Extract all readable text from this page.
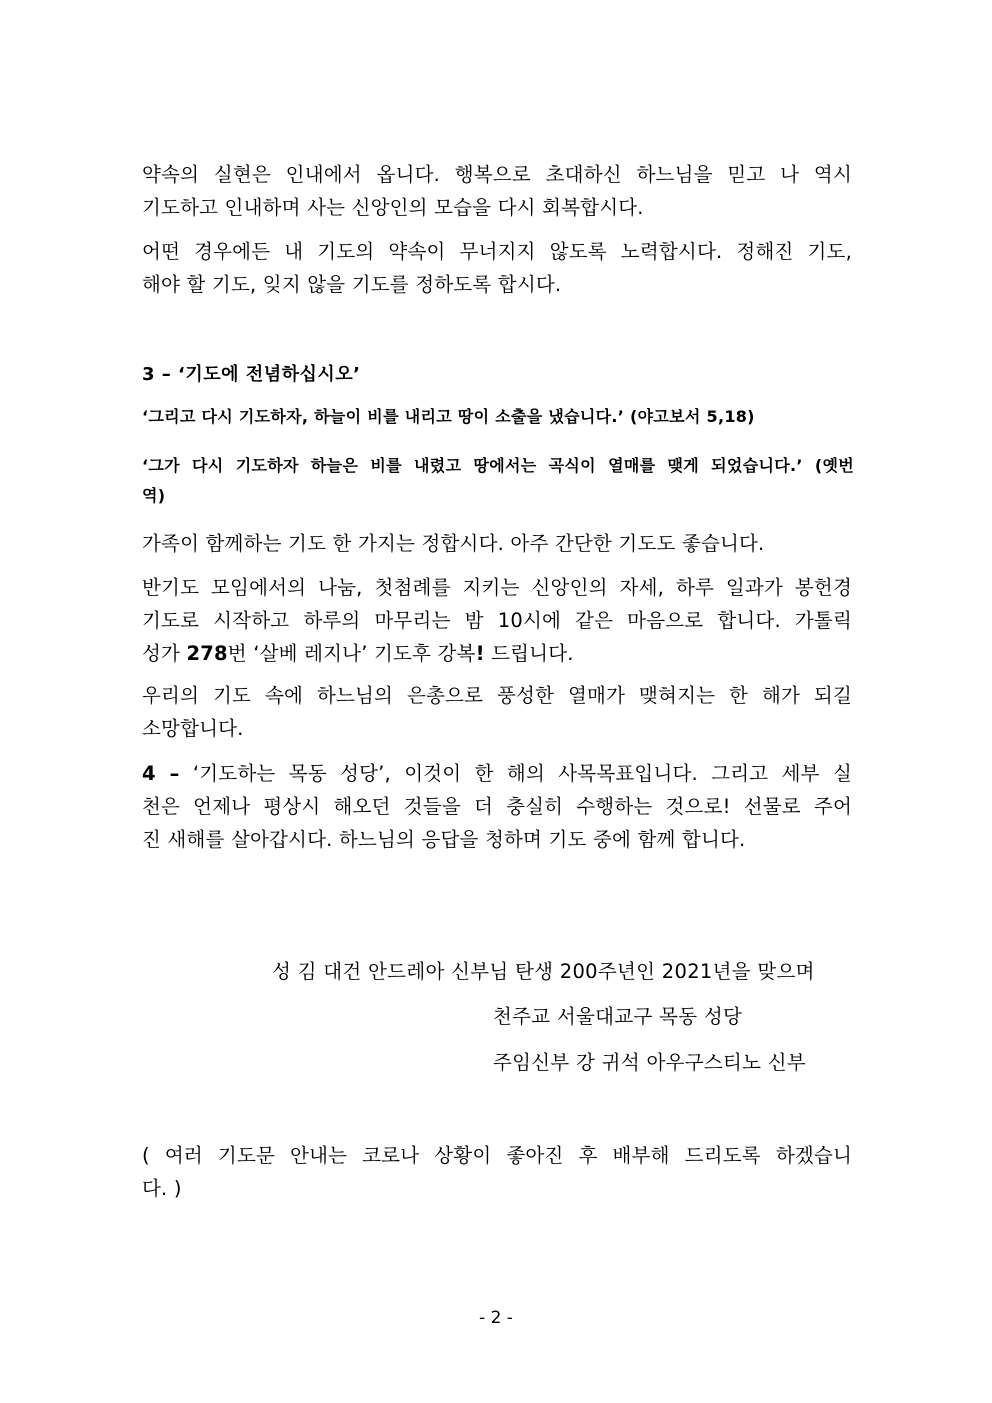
약속의 실현은 인내에서 옵니다. 행복으로 초대하신 하느님을 믿고 나 역시
기도하고 인내하며 사는 신앙인의 모습을 다시 회복합시다.

어떤 경우에든 내 기도의 약속이 무너지지 않도록 노력합시다. 정해진 기도,
해야 할 기도, 잊지 않을 기도를 정하도록 합시다.

3 – ‘기도에 전념하십시오’

‘그리고 다시 기도하자, 하늘이 비를 내리고 땅이 소출을 냈습니다.’ (야고보서 5,18)

‘그가 다시 기도하자 하늘은 비를 내렸고 땅에서는 곡식이 열매를 맺게 되었습니다.’ (옛번
역)

가족이 함께하는 기도 한 가지는 정합시다. 아주 간단한 기도도 좋습니다.

반기도 모임에서의 나눔, 첫첨례를 지키는 신앙인의 자세, 하루 일과가 봉헌경
기도로 시작하고 하루의 마무리는 밤 10시에 같은 마음으로 합니다. 가톨릭
성가 278번 ‘살베 레지나’ 기도후 강복! 드립니다.

우리의 기도 속에 하느님의 은총으로 풍성한 열매가 맺혀지는 한 해가 되길
소망합니다.

4 – ‘기도하는 목동 성당’, 이것이 한 해의 사목목표입니다. 그리고 세부 실
천은 언제나 평상시 해오던 것들을 더 충실히 수행하는 것으로! 선물로 주어
진 새해를 살아갑시다. 하느님의 응답을 청하며 기도 중에 함께 합니다.

성 김 대건 안드레아 신부님 탄생 200주년인 2021년을 맞으며

천주교 서울대교구 목동 성당

주임신부 강 귀석 아우구스티노 신부

( 여러 기도문 안내는 코로나 상황이 좋아진 후 배부해 드리도록 하겠습니
다. )

- 2 -
